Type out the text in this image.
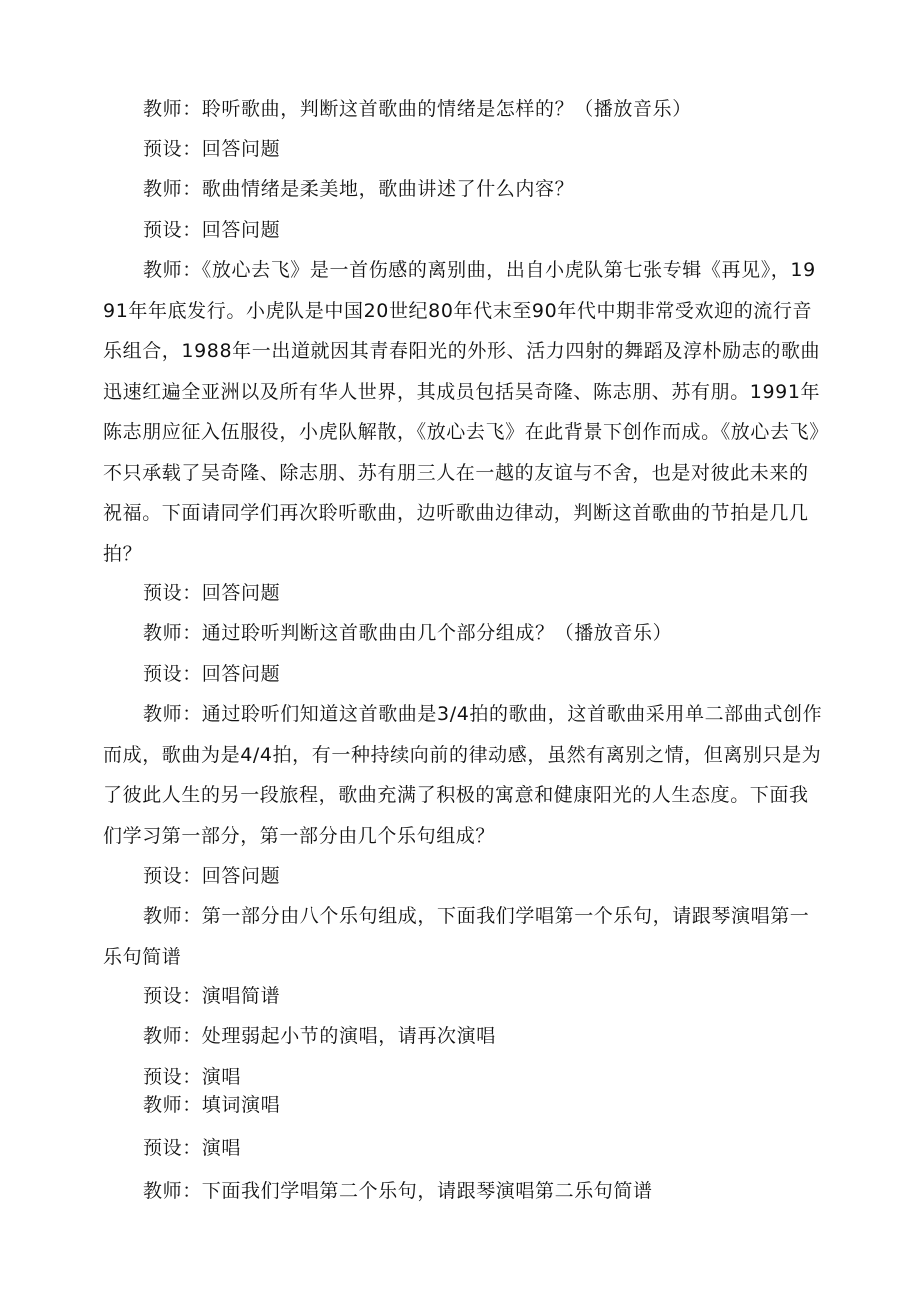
教师：聆听歌曲，判断这首歌曲的情绪是怎样的？（播放音乐）

预设：回答问题

教师：歌曲情绪是柔美地，歌曲讲述了什么内容？

预设：回答问题

教师：《放心去飞》是一首伤感的离别曲，出自小虎队第七张专辑《再见》，1991年年底发行。小虎队是中国20世纪80年代末至90年代中期非常受欢迎的流行音乐组合，1988年一出道就因其青春阳光的外形、活力四射的舞蹈及淳朴励志的歌曲迅速红遍全亚洲以及所有华人世界，其成员包括吴奇隆、陈志朋、苏有朋。1991年陈志朋应征入伍服役，小虎队解散，《放心去飞》在此背景下创作而成。《放心去飞》不只承载了吴奇隆、除志朋、苏有朋三人在一越的友谊与不舍，也是对彼此未来的祝福。下面请同学们再次聆听歌曲，边听歌曲边律动，判断这首歌曲的节拍是几几拍？

预设：回答问题

教师：通过聆听判断这首歌曲由几个部分组成？（播放音乐）

预设：回答问题

教师：通过聆听们知道这首歌曲是3/4拍的歌曲，这首歌曲采用单二部曲式创作而成，歌曲为是4/4拍，有一种持续向前的律动感，虽然有离别之情，但离别只是为了彼此人生的另一段旅程，歌曲充满了积极的寓意和健康阳光的人生态度。下面我们学习第一部分，第一部分由几个乐句组成？

预设：回答问题

教师：第一部分由八个乐句组成，下面我们学唱第一个乐句，请跟琴演唱第一乐句简谱

预设：演唱简谱

教师：处理弱起小节的演唱，请再次演唱

预设：演唱

教师：填词演唱

预设：演唱

教师：下面我们学唱第二个乐句，请跟琴演唱第二乐句简谱
